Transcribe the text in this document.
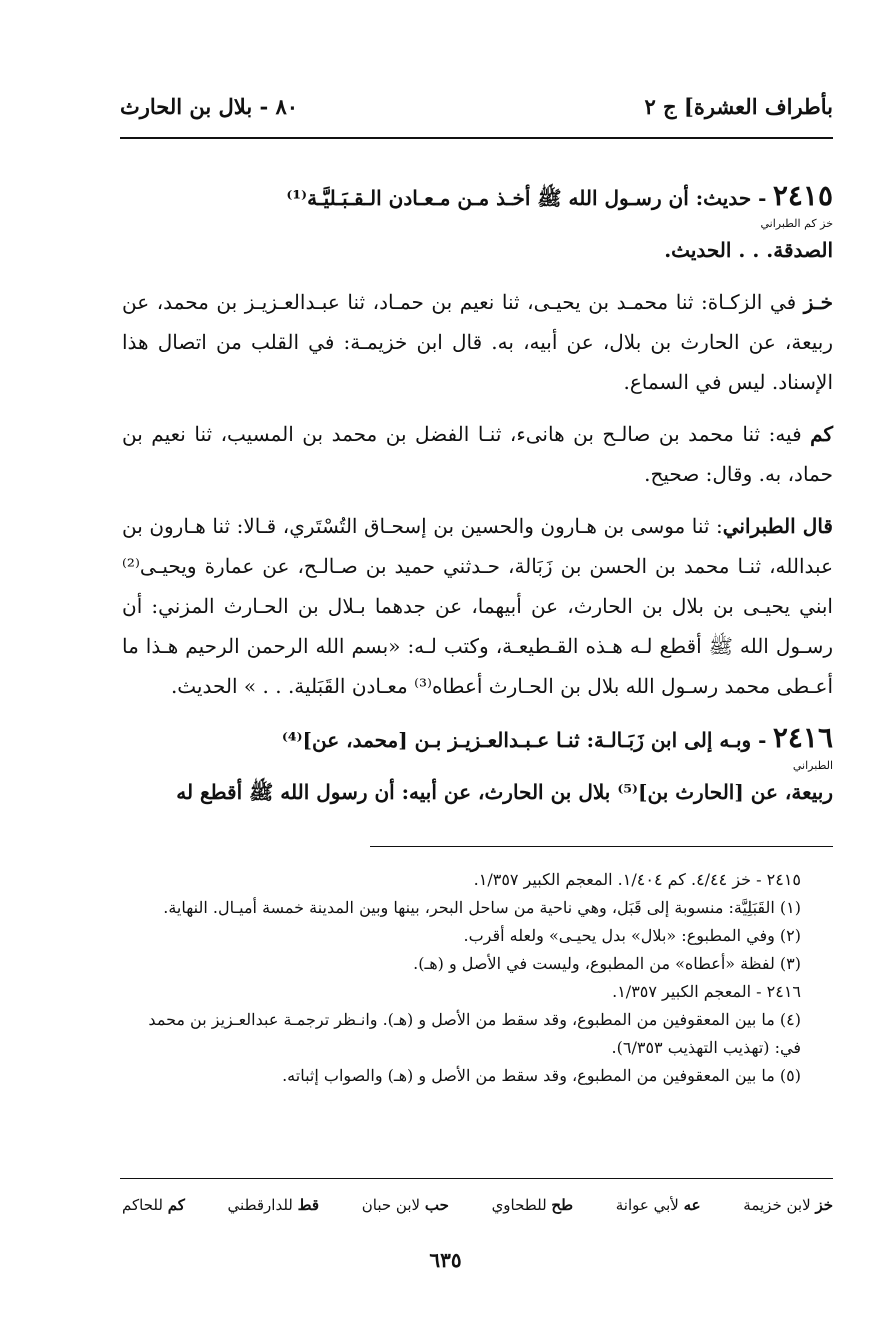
بأطراف العشرة] ج ٢
٨٠ - بلال بن الحارث

٢٤١٥ - حديث: أن رسـول الله ﷺ أخـذ مـن مـعـادن الـقـبَـليَّـة⁽¹⁾
خز كم الطبراني
الصدقة. . . الحديث.

خـز في الزكـاة: ثنا محمـد بن يحيـى، ثنا نعيم بن حمـاد، ثنا عبـدالعـزيـز بن محمد، عن ربيعة، عن الحارث بن بلال، عن أبيه، به. قال ابن خزيمـة: في القلب من اتصال هذا الإسناد. ليس في السماع.

كم فيه: ثنا محمد بن صالـح بن هانىء، ثنـا الفضل بن محمد بن المسيب، ثنا نعيم بن حماد، به. وقال: صحيح.

قال الطبراني: ثنا موسى بن هـارون والحسين بن إسحـاق التُسْتَري، قـالا: ثنا هـارون بن عبدالله، ثنـا محمد بن الحسن بن زَبَالة، حـدثني حميد بن صـالـح، عن عمارة ويحيـى⁽²⁾ ابني يحيـى بن بلال بن الحارث، عن أبيهما، عن جدهما بـلال بن الحـارث المزني: أن رسـول الله ﷺ أقطع لـه هـذه القـطيعـة، وكتب لـه: «بسم الله الرحمن الرحيم هـذا ما أعـطى محمد رسـول الله بلال بن الحـارث أعطاه⁽³⁾ معـادن القَبَلية. . . » الحديث.

٢٤١٦ - وبـه إلى ابن زَبَـالـة: ثنـا عـبـدالعـزيـز بـن [محمد، عن]⁽⁴⁾
الطبراني
ربيعة، عن [الحارث بن]⁽⁵⁾ بلال بن الحارث، عن أبيه: أن رسول الله ﷺ أقطع له

٢٤١٥ - خز ٤/٤٤. كم ١/٤٠٤. المعجم الكبير ١/٣٥٧.
(١) القَبَلِيَّة: منسوبة إلى قَبَل، وهي ناحية من ساحل البحر، بينها وبين المدينة خمسة أميـال. النهاية.
(٢) وفي المطبوع: «بلال» بدل يحيـى» ولعله أقرب.
(٣) لفظة «أعطاه» من المطبوع، وليست في الأصل و (هـ).
٢٤١٦ - المعجم الكبير ١/٣٥٧.
(٤) ما بين المعقوفين من المطبوع، وقد سقط من الأصل و (هـ). وانـظر ترجمـة عبدالعـزيز بن محمد في: (تهذيب التهذيب ٦/٣٥٣).
(٥) ما بين المعقوفين من المطبوع، وقد سقط من الأصل و (هـ) والصواب إثباته.
خز لابن خزيمة
عه لأبي عوانة
طح للطحاوي
حب لابن حبان
قط للدارقطني
كم للحاكم
٦٣٥
